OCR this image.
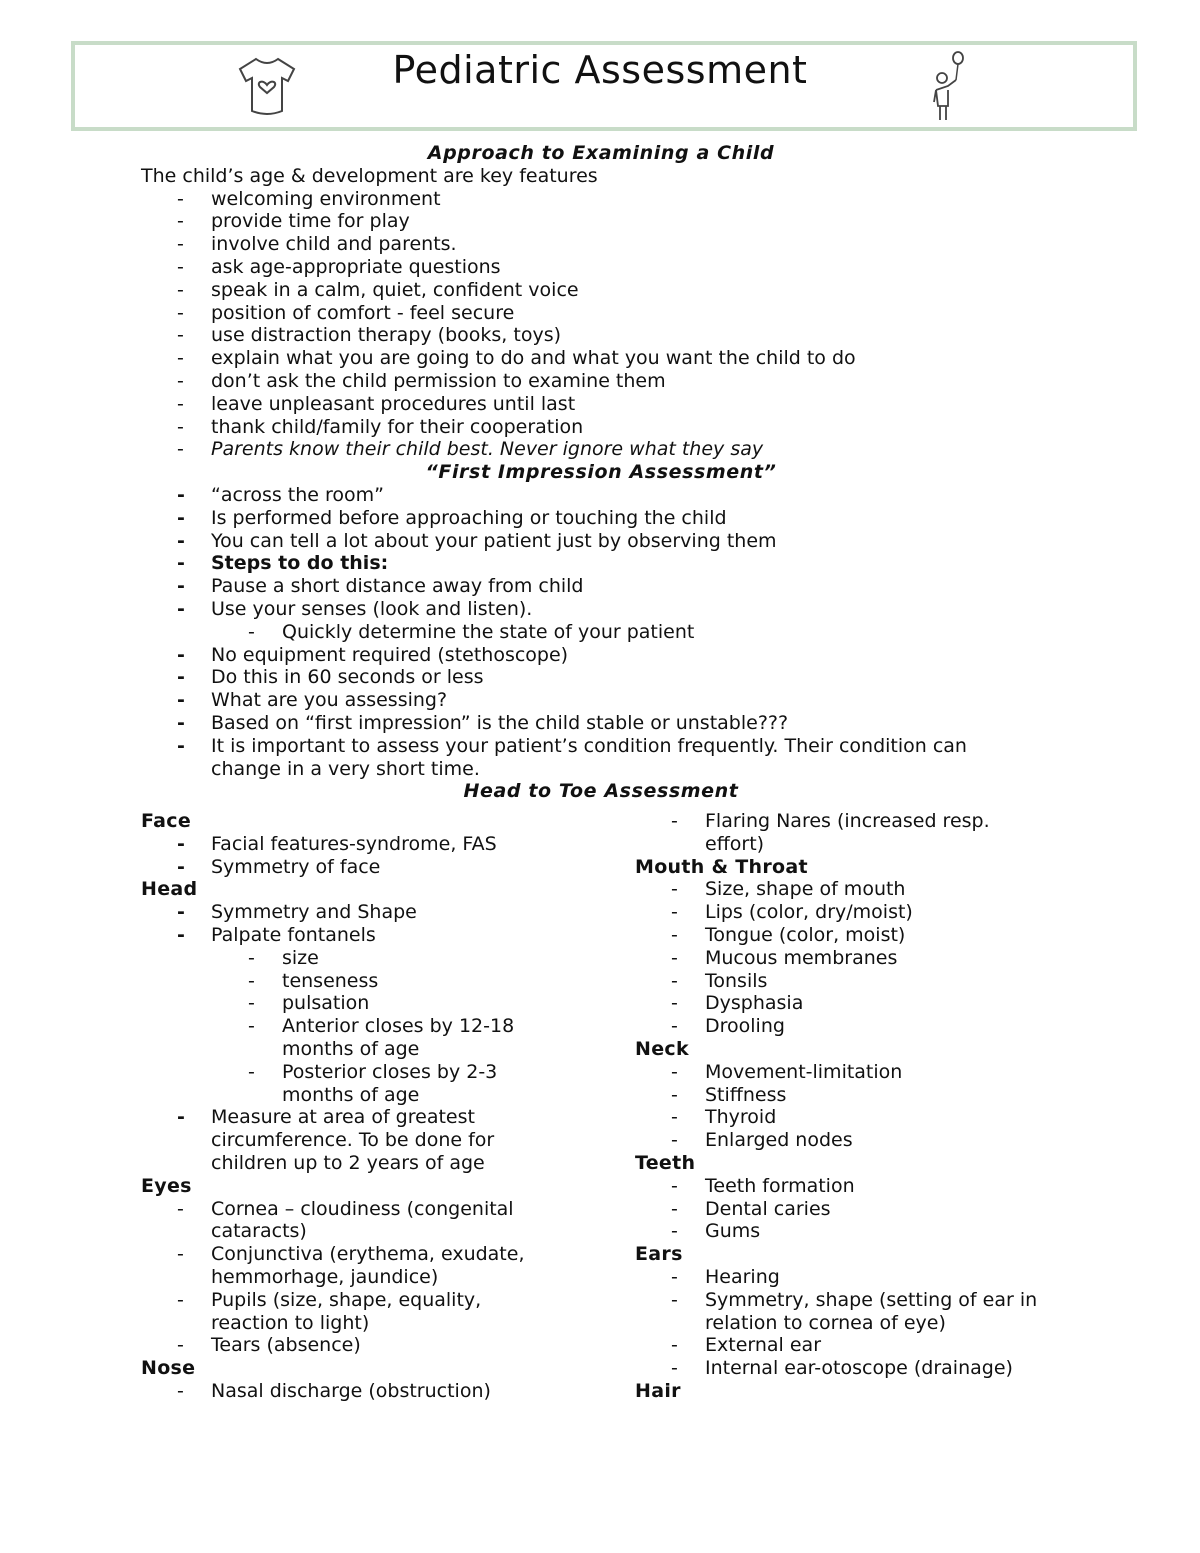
Pediatric Assessment
Approach to Examining a Child
The child’s age & development are key features
- welcoming environment
- provide time for play
- involve child and parents.
- ask age-appropriate questions
- speak in a calm, quiet, confident voice
- position of comfort - feel secure
- use distraction therapy (books, toys)
- explain what you are going to do and what you want the child to do
- don’t ask the child permission to examine them
- leave unpleasant procedures until last
- thank child/family for their cooperation
- Parents know their child best. Never ignore what they say
“First Impression Assessment”
- “across the room”
- Is performed before approaching or touching the child
- You can tell a lot about your patient just by observing them
- Steps to do this:
- Pause a short distance away from child
- Use your senses (look and listen).
- Quickly determine the state of your patient
- No equipment required (stethoscope)
- Do this in 60 seconds or less
- What are you assessing?
- Based on “first impression” is the child stable or unstable???
- It is important to assess your patient’s condition frequently. Their condition can
change in a very short time.
Head to Toe Assessment
Face
- Facial features-syndrome, FAS
- Symmetry of face
Head
- Symmetry and Shape
- Palpate fontanels
- size
- tenseness
- pulsation
- Anterior closes by 12-18
months of age
- Posterior closes by 2-3
months of age
- Measure at area of greatest
circumference. To be done for
children up to 2 years of age
Eyes
- Cornea – cloudiness (congenital
cataracts)
- Conjunctiva (erythema, exudate,
hemmorhage, jaundice)
- Pupils (size, shape, equality,
reaction to light)
- Tears (absence)
Nose
- Nasal discharge (obstruction)
- Flaring Nares (increased resp.
effort)
Mouth & Throat
- Size, shape of mouth
- Lips (color, dry/moist)
- Tongue (color, moist)
- Mucous membranes
- Tonsils
- Dysphasia
- Drooling
Neck
- Movement-limitation
- Stiffness
- Thyroid
- Enlarged nodes
Teeth
- Teeth formation
- Dental caries
- Gums
Ears
- Hearing
- Symmetry, shape (setting of ear in
relation to cornea of eye)
- External ear
- Internal ear-otoscope (drainage)
Hair
